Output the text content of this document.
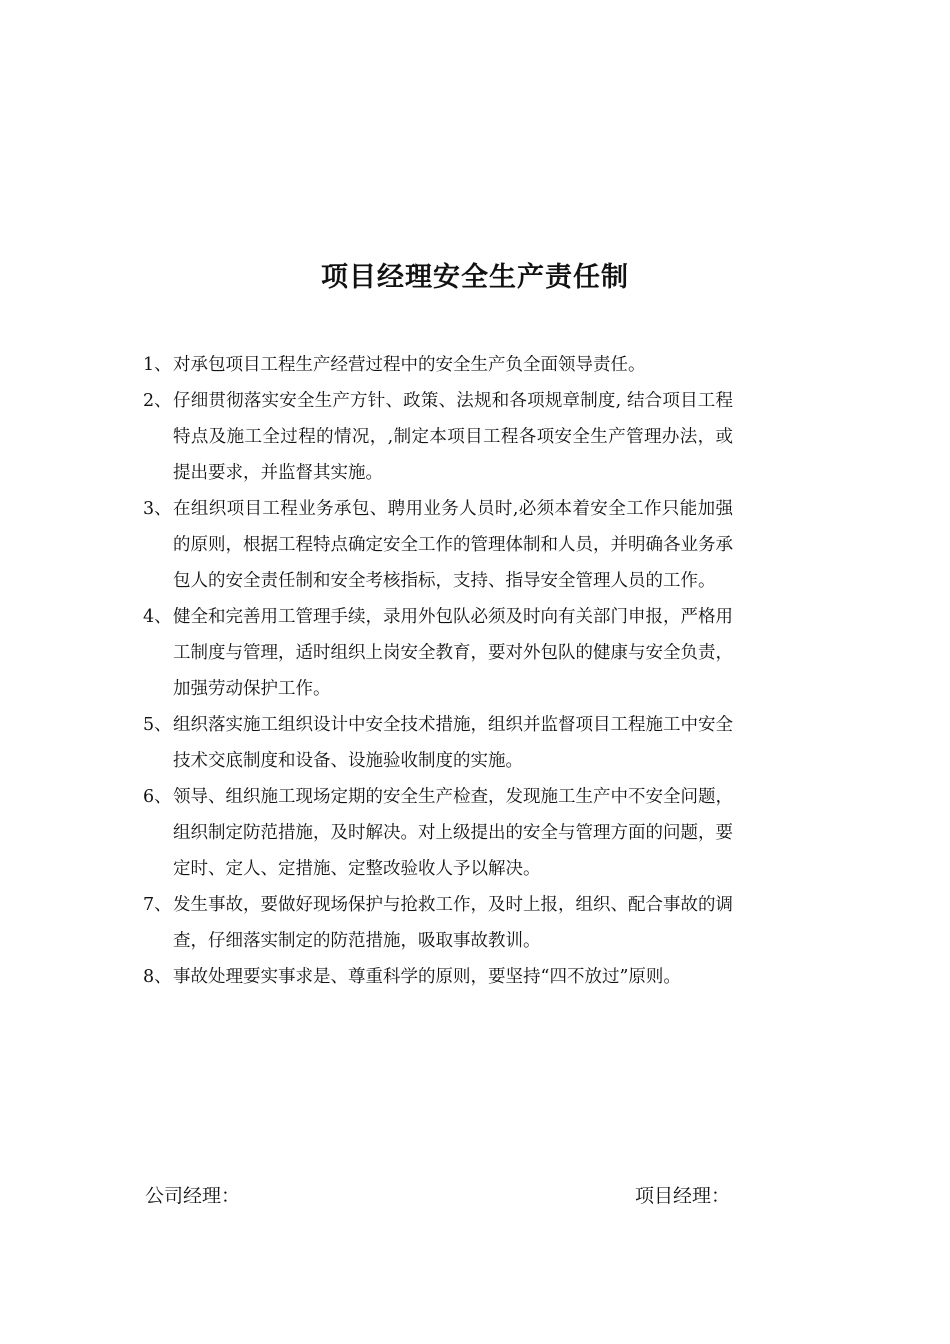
项目经理安全生产责任制
1、 对承包项目工程生产经营过程中的安全生产负全面领导责任。
2、 仔细贯彻落实安全生产方针、政策、法规和各项规章制度, 结合项目工程特点及施工全过程的情况，,制定本项目工程各项安全生产管理办法，或提出要求，并监督其实施。
3、 在组织项目工程业务承包、聘用业务人员时,必须本着安全工作只能加强的原则，根据工程特点确定安全工作的管理体制和人员，并明确各业务承包人的安全责任制和安全考核指标，支持、指导安全管理人员的工作。
4、 健全和完善用工管理手续，录用外包队必须及时向有关部门申报，严格用工制度与管理，适时组织上岗安全教育，要对外包队的健康与安全负责，加强劳动保护工作。
5、 组织落实施工组织设计中安全技术措施，组织并监督项目工程施工中安全技术交底制度和设备、设施验收制度的实施。
6、 领导、组织施工现场定期的安全生产检查，发现施工生产中不安全问题，组织制定防范措施，及时解决。对上级提出的安全与管理方面的问题，要定时、定人、定措施、定整改验收人予以解决。
7、 发生事故，要做好现场保护与抢救工作，及时上报，组织、配合事故的调查，仔细落实制定的防范措施，吸取事故教训。
8、 事故处理要实事求是、尊重科学的原则，要坚持“四不放过”原则。
公司经理：	项目经理：
